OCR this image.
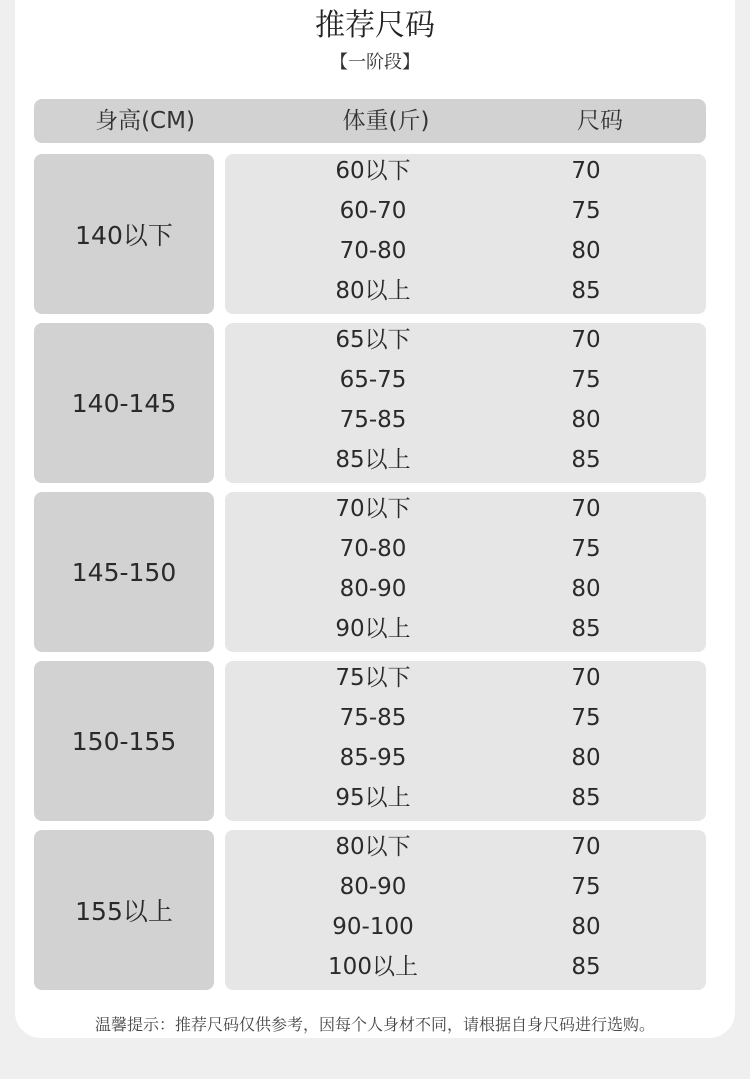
推荐尺码
【一阶段】
身高(CM)	体重(斤)	尺码
140以下
60以下	70
60-70	75
70-80	80
80以上	85
140-145
65以下	70
65-75	75
75-85	80
85以上	85
145-150
70以下	70
70-80	75
80-90	80
90以上	85
150-155
75以下	70
75-85	75
85-95	80
95以上	85
155以上
80以下	70
80-90	75
90-100	80
100以上	85
温馨提示：推荐尺码仅供参考，因每个人身材不同，请根据自身尺码进行选购。
